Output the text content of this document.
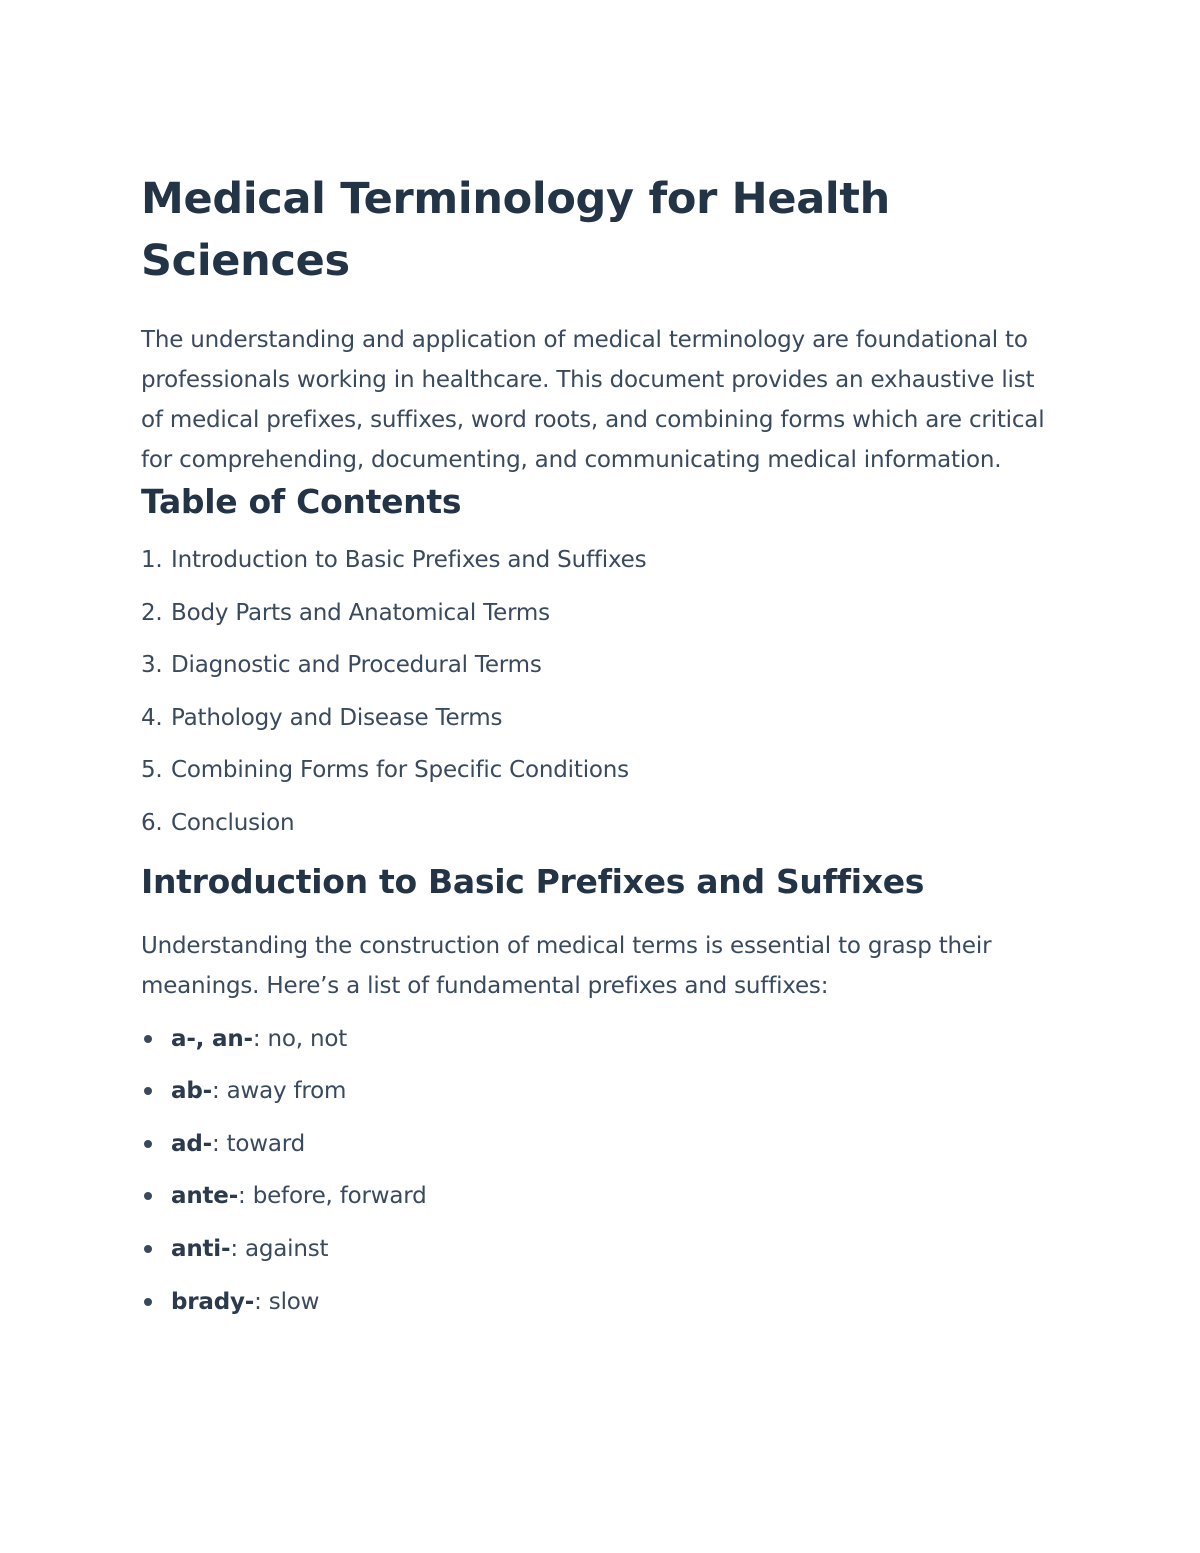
Medical Terminology for Health Sciences

The understanding and application of medical terminology are foundational to professionals working in healthcare. This document provides an exhaustive list of medical prefixes, suffixes, word roots, and combining forms which are critical for comprehending, documenting, and communicating medical information.

Table of Contents
1. Introduction to Basic Prefixes and Suffixes
2. Body Parts and Anatomical Terms
3. Diagnostic and Procedural Terms
4. Pathology and Disease Terms
5. Combining Forms for Specific Conditions
6. Conclusion
Introduction to Basic Prefixes and Suffixes

Understanding the construction of medical terms is essential to grasp their meanings. Here’s a list of fundamental prefixes and suffixes:

a-, an- : no, not
ab- : away from
ad- : toward
ante- : before, forward
anti- : against
brady- : slow
